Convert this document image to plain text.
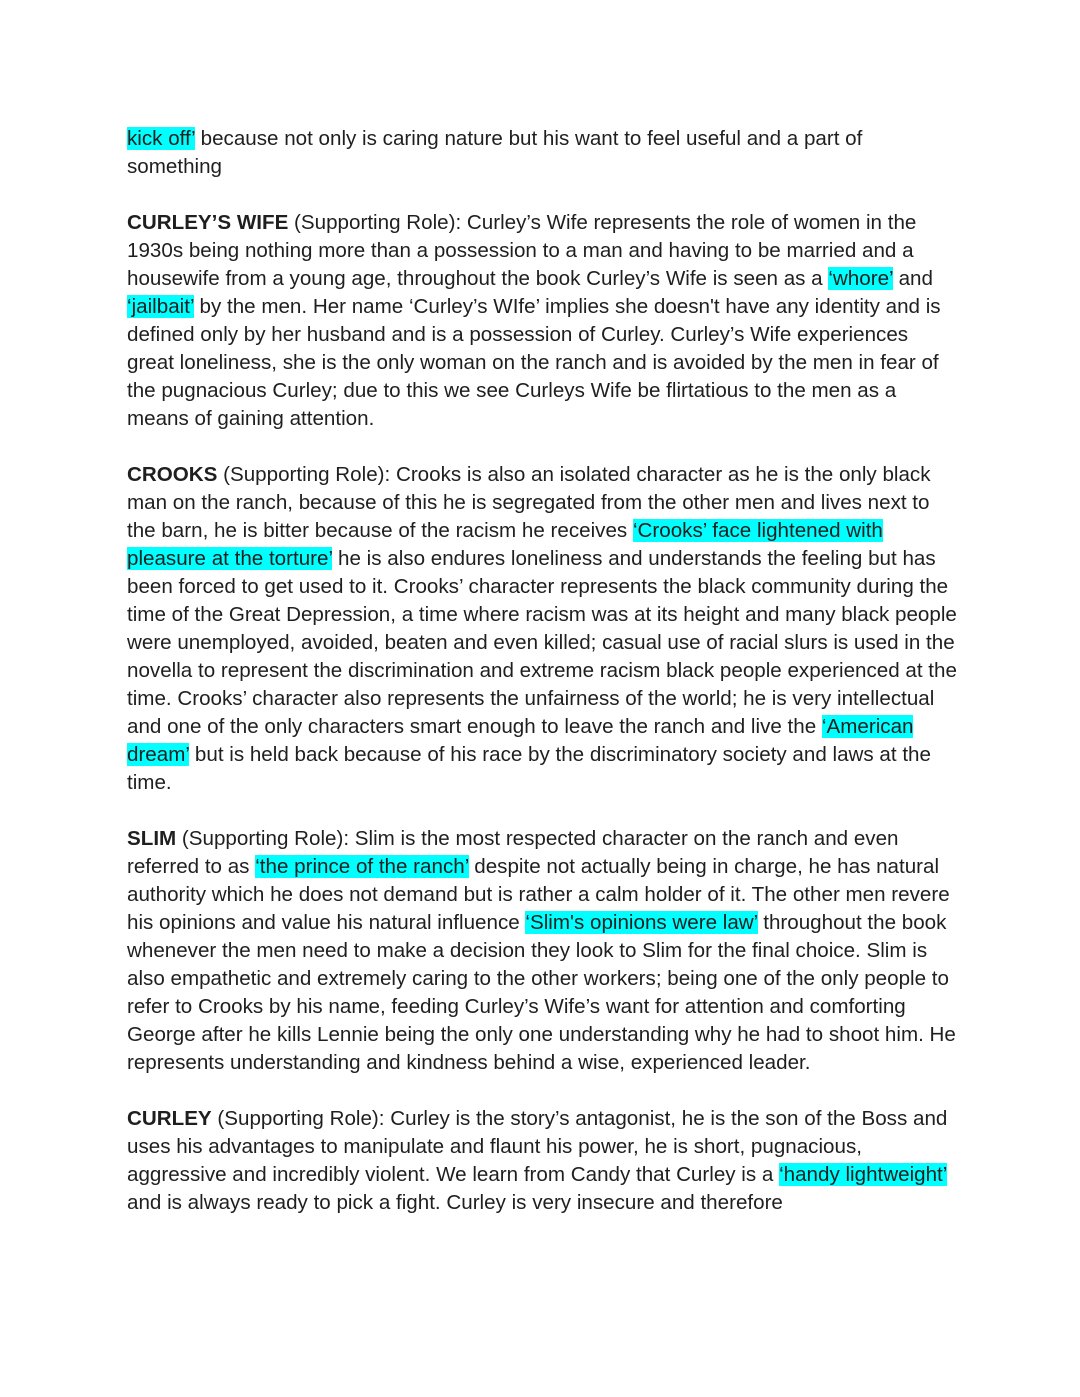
kick off’ because not only is caring nature but his want to feel useful and a part of something

CURLEY’S WIFE (Supporting Role): Curley’s Wife represents the role of women in the 1930s being nothing more than a possession to a man and having to be married and a housewife from a young age, throughout the book Curley’s Wife is seen as a ‘whore’ and ‘jailbait’ by the men. Her name ‘Curley’s WIfe’ implies she doesn't have any identity and is defined only by her husband and is a possession of Curley. Curley’s Wife experiences great loneliness, she is the only woman on the ranch and is avoided by the men in fear of the pugnacious Curley; due to this we see Curleys Wife be flirtatious to the men as a means of gaining attention.

CROOKS (Supporting Role): Crooks is also an isolated character as he is the only black man on the ranch, because of this he is segregated from the other men and lives next to the barn, he is bitter because of the racism he receives ‘Crooks’ face lightened with pleasure at the torture’ he is also endures loneliness and understands the feeling but has been forced to get used to it. Crooks’ character represents the black community during the time of the Great Depression, a time where racism was at its height and many black people were unemployed, avoided, beaten and even killed; casual use of racial slurs is used in the novella to represent the discrimination and extreme racism black people experienced at the time. Crooks’ character also represents the unfairness of the world; he is very intellectual and one of the only characters smart enough to leave the ranch and live the ‘American dream’ but is held back because of his race by the discriminatory society and laws at the time.

SLIM (Supporting Role): Slim is the most respected character on the ranch and even referred to as ‘the prince of the ranch’ despite not actually being in charge, he has natural authority which he does not demand but is rather a calm holder of it. The other men revere his opinions and value his natural influence ‘Slim's opinions were law’ throughout the book whenever the men need to make a decision they look to Slim for the final choice. Slim is also empathetic and extremely caring to the other workers; being one of the only people to refer to Crooks by his name, feeding Curley’s Wife’s want for attention and comforting George after he kills Lennie being the only one understanding why he had to shoot him. He represents understanding and kindness behind a wise, experienced leader.

CURLEY (Supporting Role): Curley is the story’s antagonist, he is the son of the Boss and uses his advantages to manipulate and flaunt his power, he is short, pugnacious, aggressive and incredibly violent. We learn from Candy that Curley is a ‘handy lightweight’ and is always ready to pick a fight. Curley is very insecure and therefore
